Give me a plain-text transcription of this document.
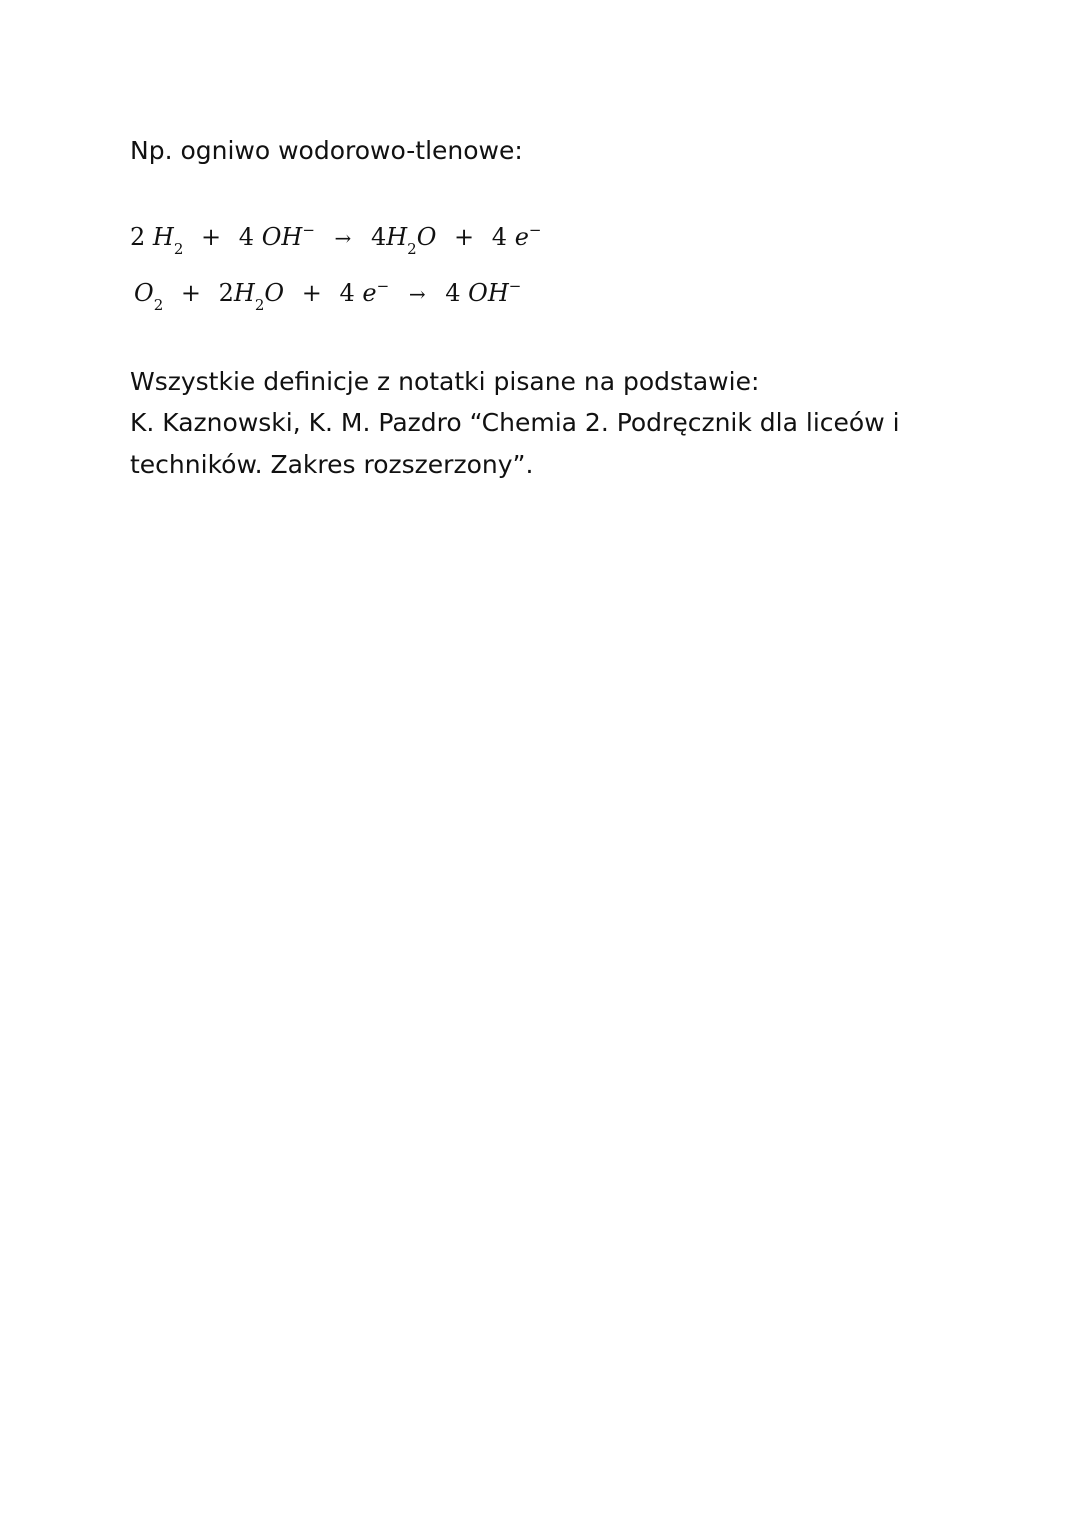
Np. ogniwo wodorowo-tlenowe:
2 $H_2 + 4$ $OH^- \to 4H_2O + 4$ e−
$O_2 + 2H_2O + 4$ e− → 4 OH−
Wszystkie definicje z notatki pisane na podstawie:
K. Kaznowski, K. M. Pazdro “Chemia 2. Podręcznik dla liceów i
techników. Zakres rozszerzony”.
